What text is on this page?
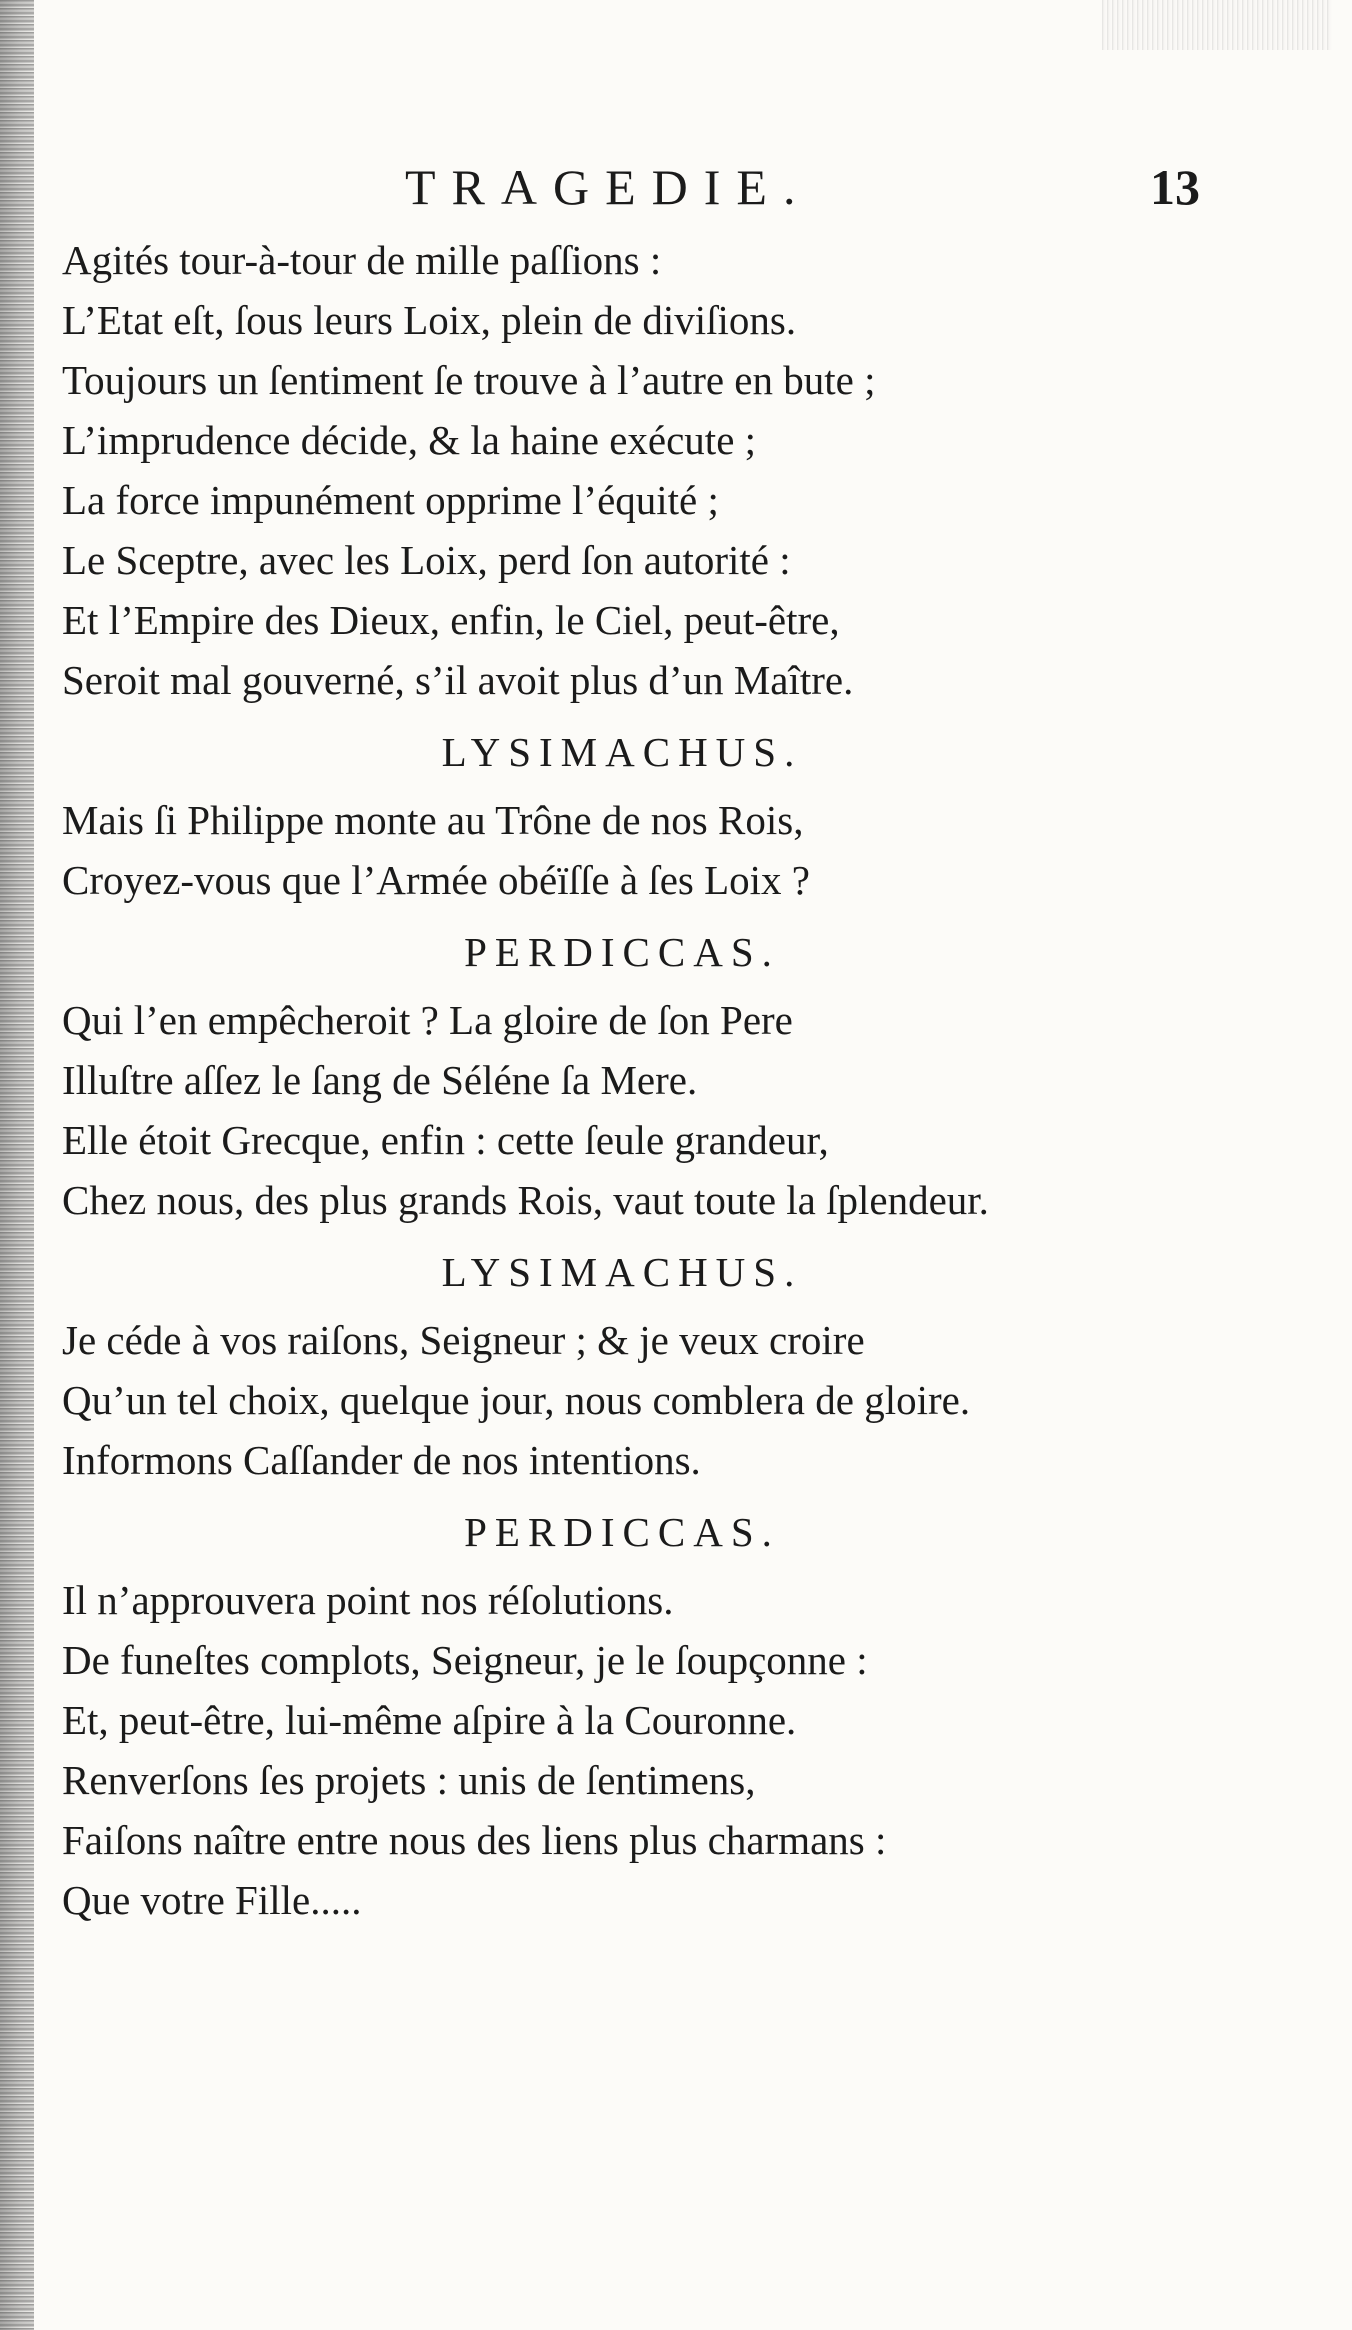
TRAGEDIE.	13
Agités tour-à-tour de mille paſſions :
L’Etat eſt, ſous leurs Loix, plein de diviſions.
Toujours un ſentiment ſe trouve à l’autre en bute ;
L’imprudence décide, & la haine exécute ;
La force impunément opprime l’équité ;
Le Sceptre, avec les Loix, perd ſon autorité :
Et l’Empire des Dieux, enfin, le Ciel, peut-être,
Seroit mal gouverné, s’il avoit plus d’un Maître.
LYSIMACHUS.
Mais ſi Philippe monte au Trône de nos Rois,
Croyez-vous que l’Armée obéïſſe à ſes Loix ?
PERDICCAS.
Qui l’en empêcheroit ? La gloire de ſon Pere
Illuſtre aſſez le ſang de Séléne ſa Mere.
Elle étoit Grecque, enfin : cette ſeule grandeur,
Chez nous, des plus grands Rois, vaut toute la ſplendeur.
LYSIMACHUS.
Je céde à vos raiſons, Seigneur ; & je veux croire
Qu’un tel choix, quelque jour, nous comblera de gloire.
Informons Caſſander de nos intentions.
PERDICCAS.
Il n’approuvera point nos réſolutions.
De funeſtes complots, Seigneur, je le ſoupçonne :
Et, peut-être, lui-même aſpire à la Couronne.
Renverſons ſes projets : unis de ſentimens,
Faiſons naître entre nous des liens plus charmans :
Que votre Fille.....
